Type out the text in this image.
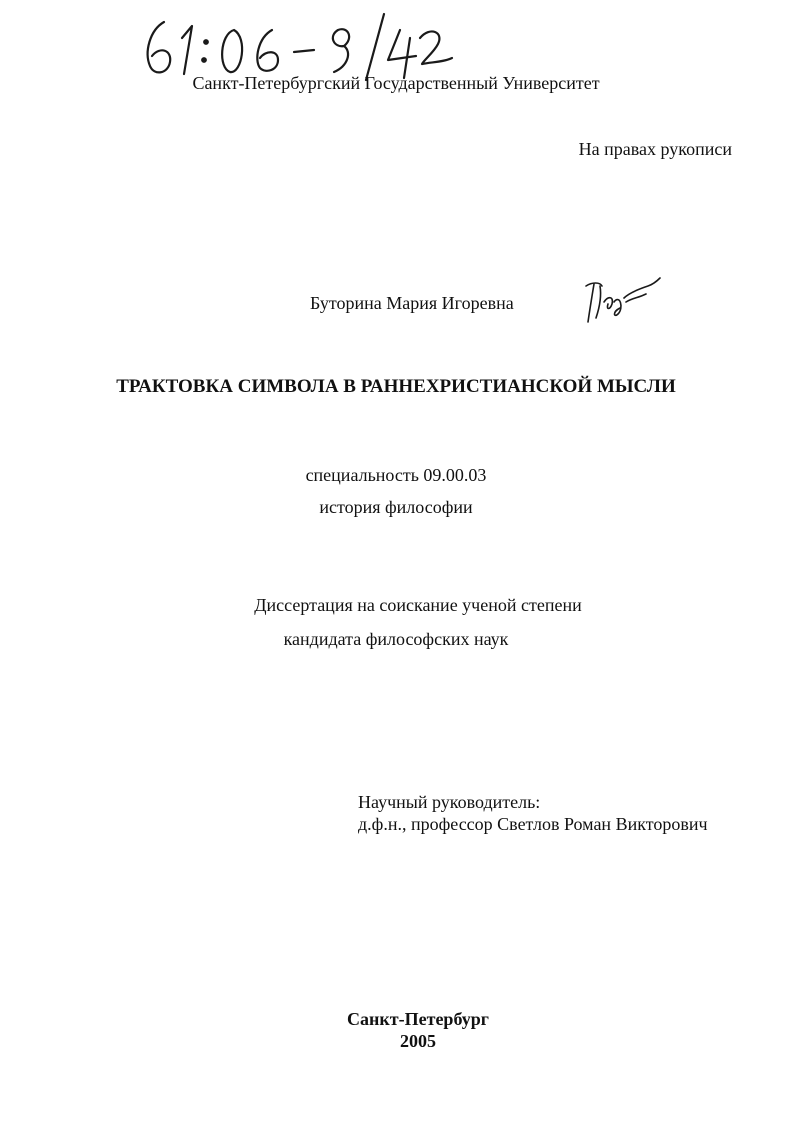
Санкт-Петербургский Государственный Университет
На правах рукописи
Буторина Мария Игоревна
ТРАКТОВКА СИМВОЛА В РАННЕХРИСТИАНСКОЙ МЫСЛИ
специальность 09.00.03
история философии
Диссертация на соискание ученой степени
кандидата философских наук
Научный руководитель:
д.ф.н., профессор Светлов Роман Викторович
Санкт-Петербург
2005
